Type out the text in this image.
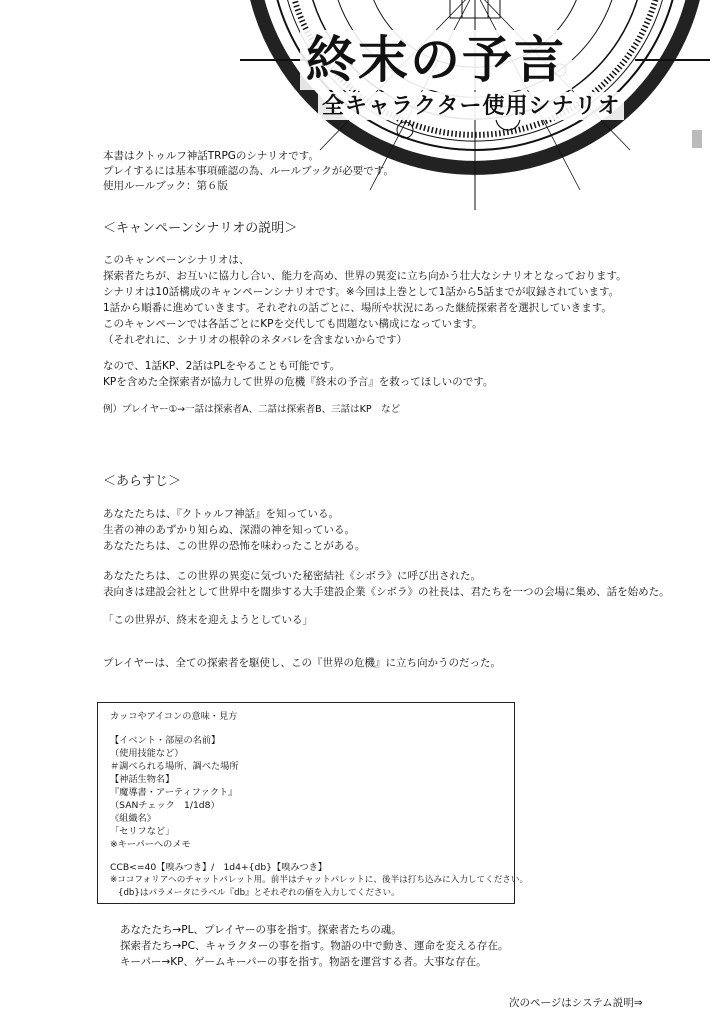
終末の予言
全キャラクター使用シナリオ
本書はクトゥルフ神話TRPGのシナリオです。
プレイするには基本事項確認の為、ルールブックが必要です。
使用ルールブック：第６版
＜キャンペーンシナリオの説明＞
このキャンペーンシナリオは、
探索者たちが、お互いに協力し合い、能力を高め、世界の異変に立ち向かう壮大なシナリオとなっております。
シナリオは10話構成のキャンペーンシナリオです。※今回は上巻として1話から5話までが収録されています。
1話から順番に進めていきます。それぞれの話ごとに、場所や状況にあった継続探索者を選択していきます。
このキャンペーンでは各話ごとにKPを交代しても問題ない構成になっています。
（それぞれに、シナリオの根幹のネタバレを含まないからです）
なので、1話KP、2話はPLをやることも可能です。
KPを含めた全探索者が協力して世界の危機『終末の予言』を救ってほしいのです。
例）プレイヤー①→一話は探索者A、二話は探索者B、三話はKP　など
＜あらすじ＞
あなたたちは、『クトゥルフ神話』を知っている。
生者の神のあずかり知らぬ、深淵の神を知っている。
あなたたちは、この世界の恐怖を味わったことがある。
あなたたちは、この世界の異変に気づいた秘密結社《シボラ》に呼び出された。
表向きは建設会社として世界中を闊歩する大手建設企業《シボラ》の社長は、君たちを一つの会場に集め、話を始めた。
「この世界が、終末を迎えようとしている」
プレイヤーは、全ての探索者を駆使し、この『世界の危機』に立ち向かうのだった。
カッコやアイコンの意味・見方
【イベント・部屋の名前】
（使用技能など）
＃調べられる場所、調べた場所
【神話生物名】
『魔導書・アーティファクト』
（SANチェック　1/1d8）
《組織名》
「セリフなど」
※キーパーへのメモ
CCB<=40【嗅みつき】/　1d4+{db}【嗅みつき】
※ココフォリアへのチャットパレット用。前半はチャットパレットに、後半は打ち込みに入力してください。
{db}はパラメータにラベル『db』とそれぞれの値を入力してください。
あなたたち→PL、プレイヤーの事を指す。探索者たちの魂。
探索者たち→PC、キャラクターの事を指す。物語の中で動き、運命を変える存在。
キーパー→KP、ゲームキーパーの事を指す。物語を運営する者。大事な存在。
次のページはシステム説明⇒
